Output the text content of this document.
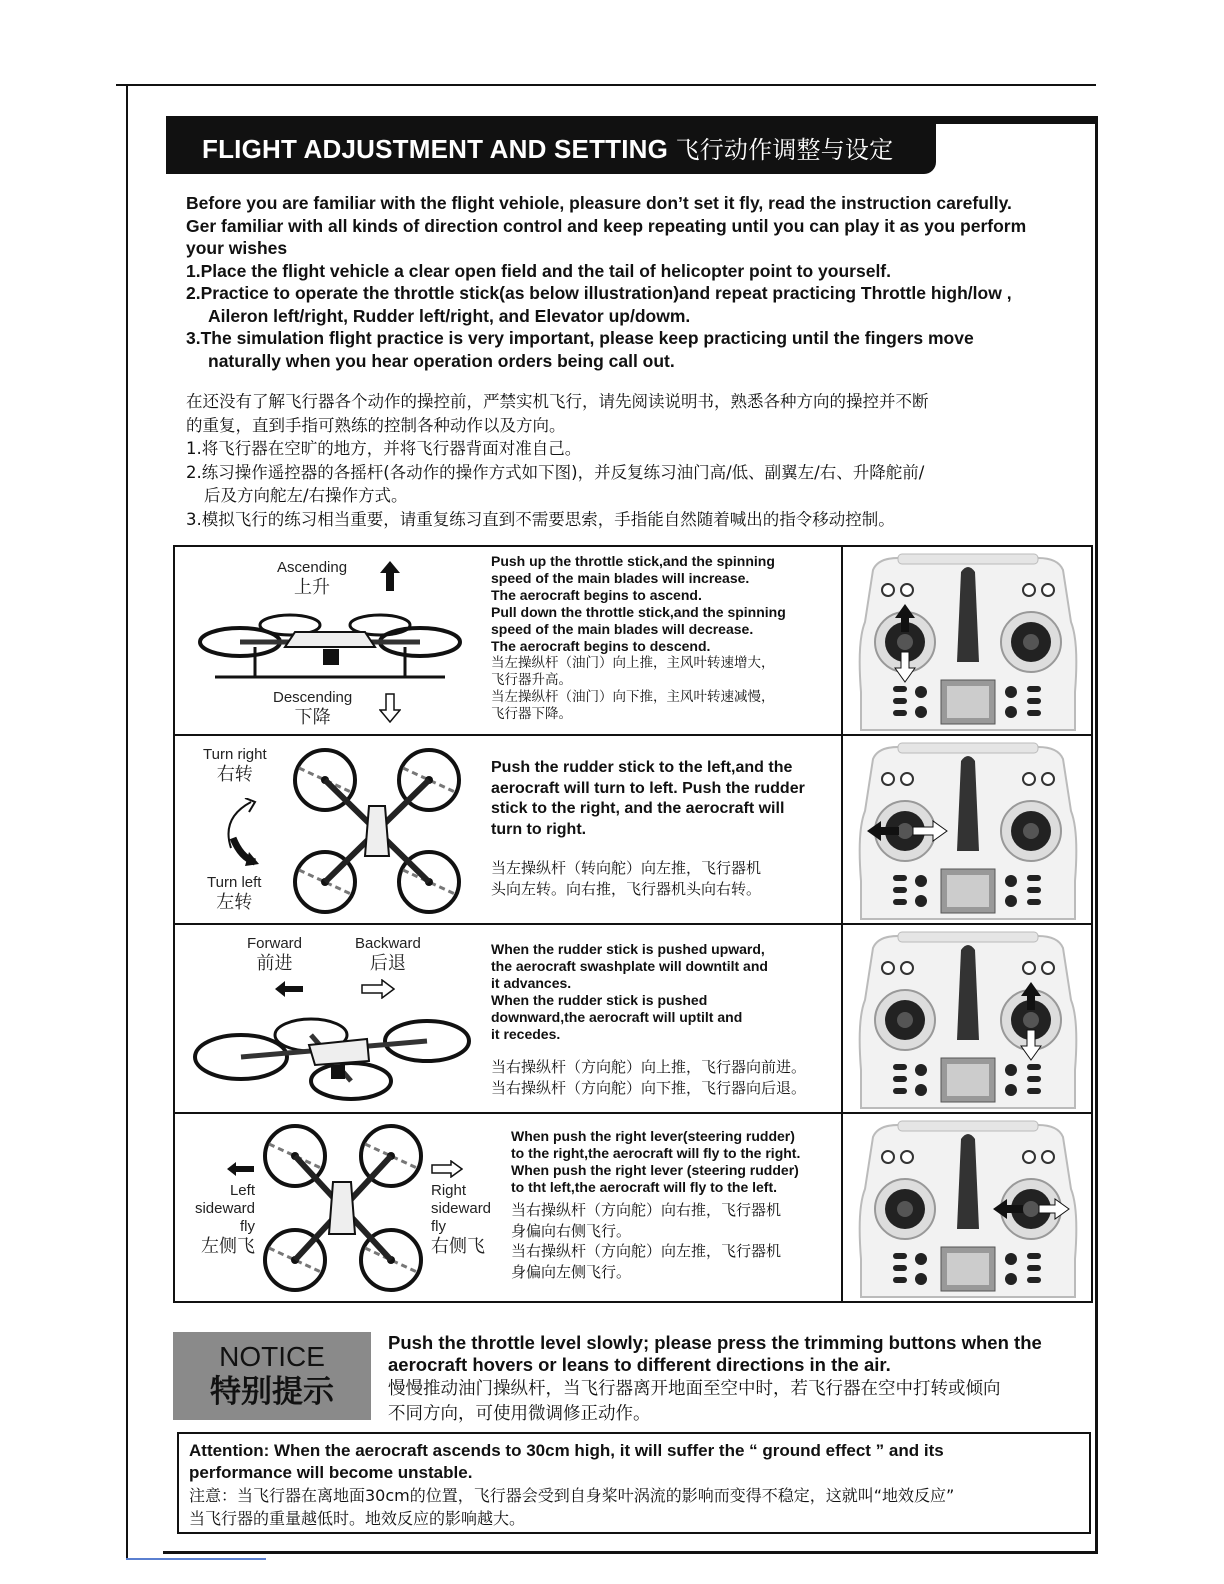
FLIGHT ADJUSTMENT AND SETTING 飞行动作调整与设定

Before you are familiar with the flight vehiole, pleasure don’t set it fly, read the instruction carefully.

Ger familiar with all kinds of direction control and keep repeating until you can play it as you perform

your wishes

1.Place the flight vehicle a clear open field and the tail of helicopter point to yourself.

2.Practice to operate the throttle stick(as below illustration)and repeat practicing Throttle high/low ,

Aileron left/right, Rudder left/right, and Elevator up/dowm.

3.The simulation flight practice is very important, please keep practicing until the fingers move

naturally when you hear operation orders being call out.

在还没有了解飞行器各个动作的操控前，严禁实机飞行，请先阅读说明书，熟悉各种方向的操控并不断

的重复，直到手指可熟练的控制各种动作以及方向。

1.将飞行器在空旷的地方，并将飞行器背面对准自己。

2.练习操作遥控器的各摇杆(各动作的操作方式如下图)，并反复练习油门高/低、副翼左/右、升降舵前/

后及方向舵左/右操作方式。

3.模拟飞行的练习相当重要，请重复练习直到不需要思索，手指能自然随着喊出的指令移动控制。

Ascending
上升
Descending
下降
Push up the throttle stick,and the spinning
speed of the main blades will increase.
The aerocraft begins to ascend.
Pull down the throttle stick,and the spinning
speed of the main blades will decrease.
The aerocraft begins to descend.
当左操纵杆（油门）向上推，主风叶转速增大，
飞行器升高。
当左操纵杆（油门）向下推，主风叶转速减慢，
飞行器下降。
Turn right
右转
Turn left
左转
Push the rudder stick to the left,and the
aerocraft will turn to left. Push the rudder
stick to the right, and the aerocraft will
turn to right.
当左操纵杆（转向舵）向左推，飞行器机
头向左转。向右推，飞行器机头向右转。
Forward
前进
Backward
后退
When the rudder stick is pushed upward,
the aerocraft swashplate will downtilt and
it advances.
When the rudder stick is pushed
downward,the aerocraft will uptilt and
it recedes.
当右操纵杆（方向舵）向上推，飞行器向前进。
当右操纵杆（方向舵）向下推，飞行器向后退。
Left
sideward
fly
左侧飞
Right
sideward
fly
右侧飞
When push the right lever(steering rudder)
to the right,the aerocraft will fly to the right.
When push the right lever (steering rudder)
to tht left,the aerocraft will fly to the left.
当右操纵杆（方向舵）向右推，飞行器机
身偏向右侧飞行。
当右操纵杆（方向舵）向左推，飞行器机
身偏向左侧飞行。
NOTICE
特别提示
Push the throttle level slowly; please press the trimming buttons when the
aerocraft hovers or leans to different directions in the air.
慢慢推动油门操纵杆，当飞行器离开地面至空中时，若飞行器在空中打转或倾向
不同方向，可使用微调修正动作。
Attention: When the aerocraft ascends to 30cm high, it will suffer the “ ground effect ” and its
performance will become unstable.
注意：当飞行器在离地面30cm的位置，飞行器会受到自身桨叶涡流的影响而变得不稳定，这就叫“地效反应”
当飞行器的重量越低时。地效反应的影响越大。
